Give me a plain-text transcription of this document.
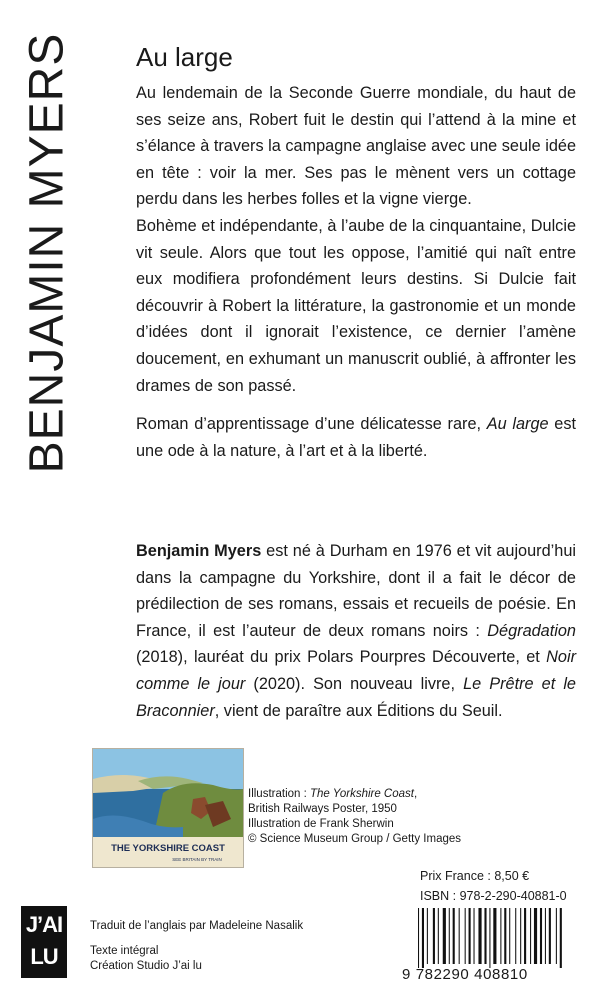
BENJAMIN MYERS Au large

Au lendemain de la Seconde Guerre mondiale, du haut de ses seize ans, Robert fuit le destin qui l’attend à la mine et s’élance à travers la campagne anglaise avec une seule idée en tête : voir la mer. Ses pas le mènent vers un cottage perdu dans les herbes folles et la vigne vierge.

Bohème et indépendante, à l’aube de la cinquantaine, Dulcie vit seule. Alors que tout les oppose, l’amitié qui naît entre eux modifiera profondément leurs destins. Si Dulcie fait découvrir à Robert la littérature, la gastronomie et un monde d’idées dont il ignorait l’existence, ce dernier l’amène doucement, en exhumant un manuscrit oublié, à affronter les drames de son passé.

Roman d’apprentissage d’une délicatesse rare, Au large est une ode à la nature, à l’art et à la liberté.

Benjamin Myers est né à Durham en 1976 et vit aujourd’hui dans la campagne du Yorkshire, dont il a fait le décor de prédilection de ses romans, essais et recueils de poésie. En France, il est l’auteur de deux romans noirs : Dégradation (2018), lauréat du prix Polars Pourpres Découverte, et Noir comme le jour (2020). Son nouveau livre, Le Prêtre et le Braconnier, vient de paraître aux Éditions du Seuil.

THE YORKSHIRE COAST
SEE BRITAIN BY TRAIN
Illustration : The Yorkshire Coast,
British Railways Poster, 1950
Illustration de Frank Sherwin
© Science Museum Group / Getty Images
Prix France : 8,50 €
ISBN : 978-2-290-40881-0
9 782290 408810
J’AI
LU
Traduit de l’anglais par Madeleine Nasalik
Texte intégral
Création Studio J’ai lu
